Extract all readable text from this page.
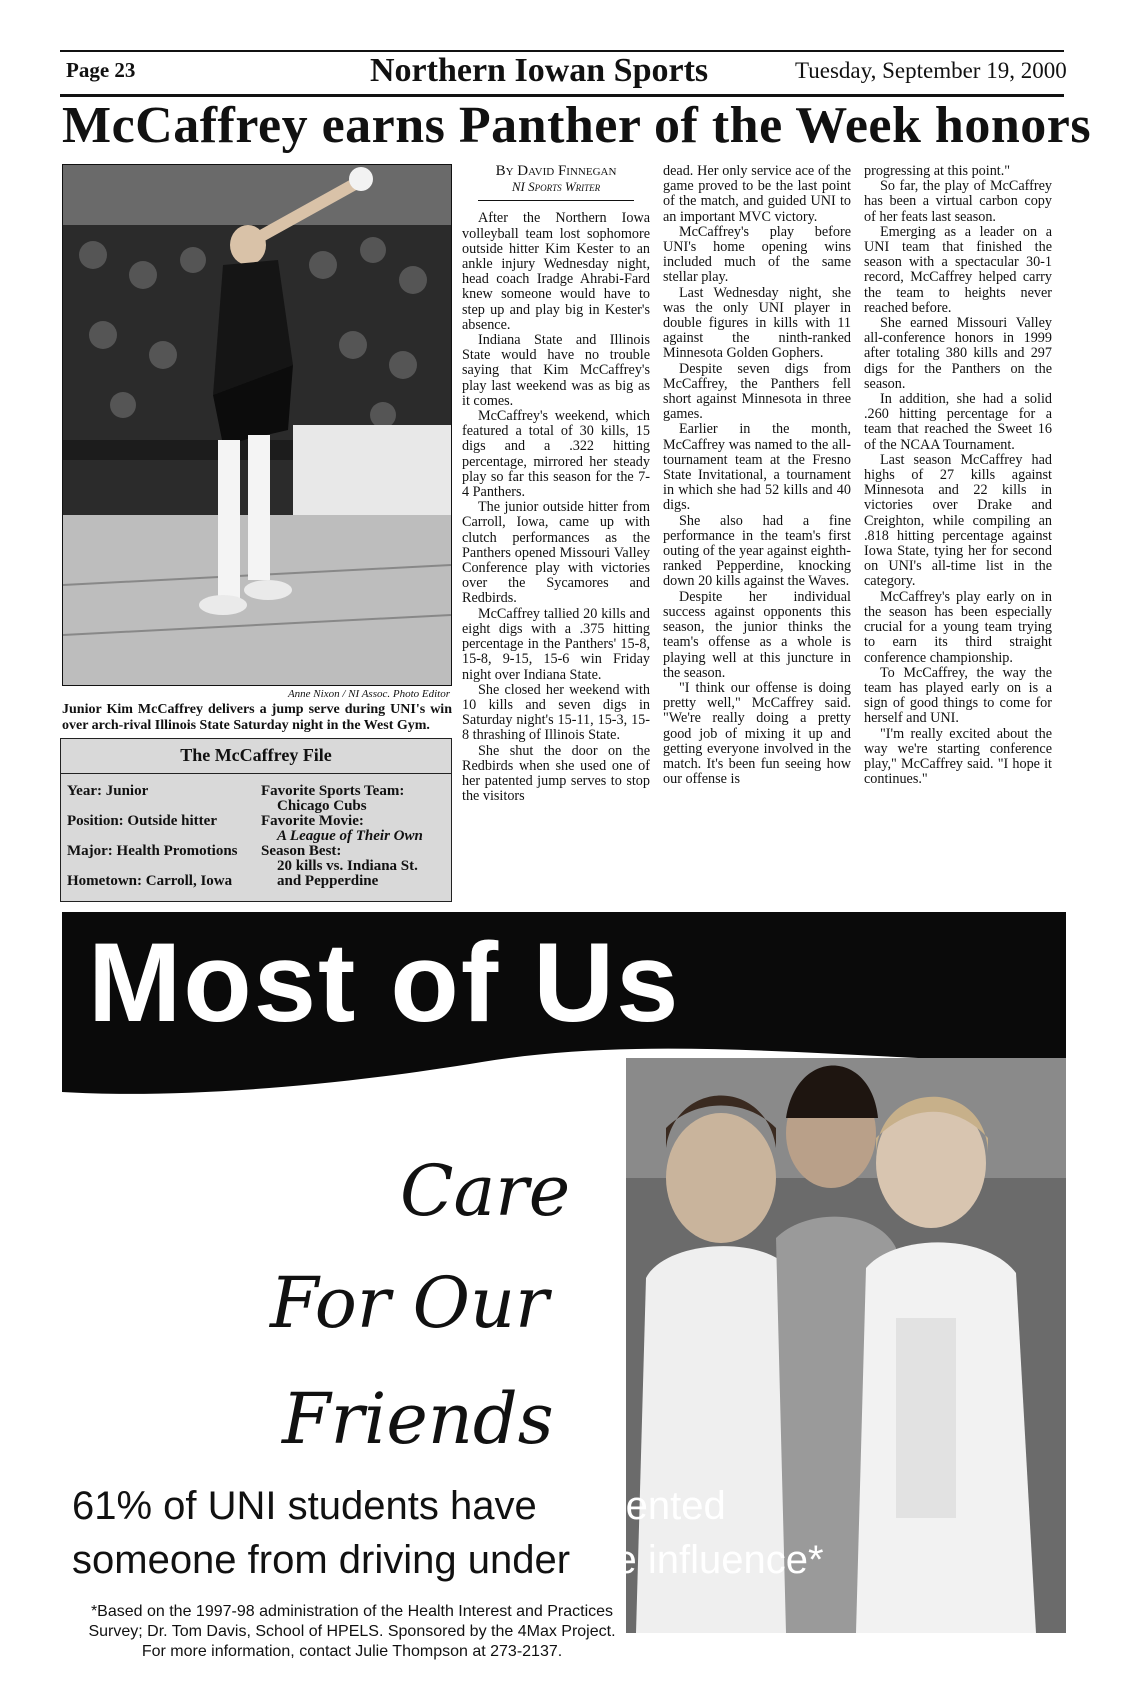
Page 23	Northern Iowan Sports	Tuesday, September 19, 2000
McCaffrey earns Panther of the Week honors
Anne Nixon / NI Assoc. Photo Editor
Junior Kim McCaffrey delivers a jump serve during UNI's win over arch-rival Illinois State Saturday night in the West Gym.
The McCaffrey File
Year: Junior
Position: Outside hitter
Major: Health Promotions
Hometown: Carroll, Iowa
Favorite Sports Team:
Chicago Cubs
Favorite Movie:
A League of Their Own
Season Best:
20 kills vs. Indiana St.
and Pepperdine
By David Finnegan
NI Sports Writer

After the Northern Iowa volleyball team lost sophomore outside hitter Kim Kester to an ankle injury Wednesday night, head coach Iradge Ahrabi-Fard knew someone would have to step up and play big in Kester's absence.

Indiana State and Illinois State would have no trouble saying that Kim McCaffrey's play last weekend was as big as it comes.

McCaffrey's weekend, which featured a total of 30 kills, 15 digs and a .322 hitting percentage, mirrored her steady play so far this season for the 7-4 Panthers.

The junior outside hitter from Carroll, Iowa, came up with clutch performances as the Panthers opened Missouri Valley Conference play with victories over the Sycamores and Redbirds.

McCaffrey tallied 20 kills and eight digs with a .375 hitting percentage in the Panthers' 15-8, 15-8, 9-15, 15-6 win Friday night over Indiana State.

She closed her weekend with 10 kills and seven digs in Saturday night's 15-11, 15-3, 15-8 thrashing of Illinois State.

She shut the door on the Redbirds when she used one of her patented jump serves to stop the visitors

dead. Her only service ace of the game proved to be the last point of the match, and guided UNI to an important MVC victory.

McCaffrey's play before UNI's home opening wins included much of the same stellar play.

Last Wednesday night, she was the only UNI player in double figures in kills with 11 against the ninth-ranked Minnesota Golden Gophers.

Despite seven digs from McCaffrey, the Panthers fell short against Minnesota in three games.

Earlier in the month, McCaffrey was named to the all-tournament team at the Fresno State Invitational, a tournament in which she had 52 kills and 40 digs.

She also had a fine performance in the team's first outing of the year against eighth-ranked Pepperdine, knocking down 20 kills against the Waves.

Despite her individual success against opponents this season, the junior thinks the team's offense as a whole is playing well at this juncture in the season.

"I think our offense is doing pretty well," McCaffrey said. "We're really doing a pretty good job of mixing it up and getting everyone involved in the match. It's been fun seeing how our offense is

progressing at this point."

So far, the play of McCaffrey has been a virtual carbon copy of her feats last season.

Emerging as a leader on a UNI team that finished the season with a spectacular 30-1 record, McCaffrey helped carry the team to heights never reached before.

She earned Missouri Valley all-conference honors in 1999 after totaling 380 kills and 297 digs for the Panthers on the season.

In addition, she had a solid .260 hitting percentage for a team that reached the Sweet 16 of the NCAA Tournament.

Last season McCaffrey had highs of 27 kills against Minnesota and 22 kills in victories over Drake and Creighton, while compiling an .818 hitting percentage against Iowa State, tying her for second on UNI's all-time list in the category.

McCaffrey's play early on in the season has been especially crucial for a young team trying to earn its third straight conference championship.

To McCaffrey, the way the team has played early on is a sign of good things to come for herself and UNI.

"I'm really excited about the way we're starting conference play," McCaffrey said. "I hope it continues."

Most of Us
Care
For Our
Friends
61% of UNI students have prevented
someone from driving under the influence*
*Based on the 1997-98 administration of the Health Interest and Practices
Survey; Dr. Tom Davis, School of HPELS. Sponsored by the 4Max Project.
For more information, contact Julie Thompson at 273-2137.
